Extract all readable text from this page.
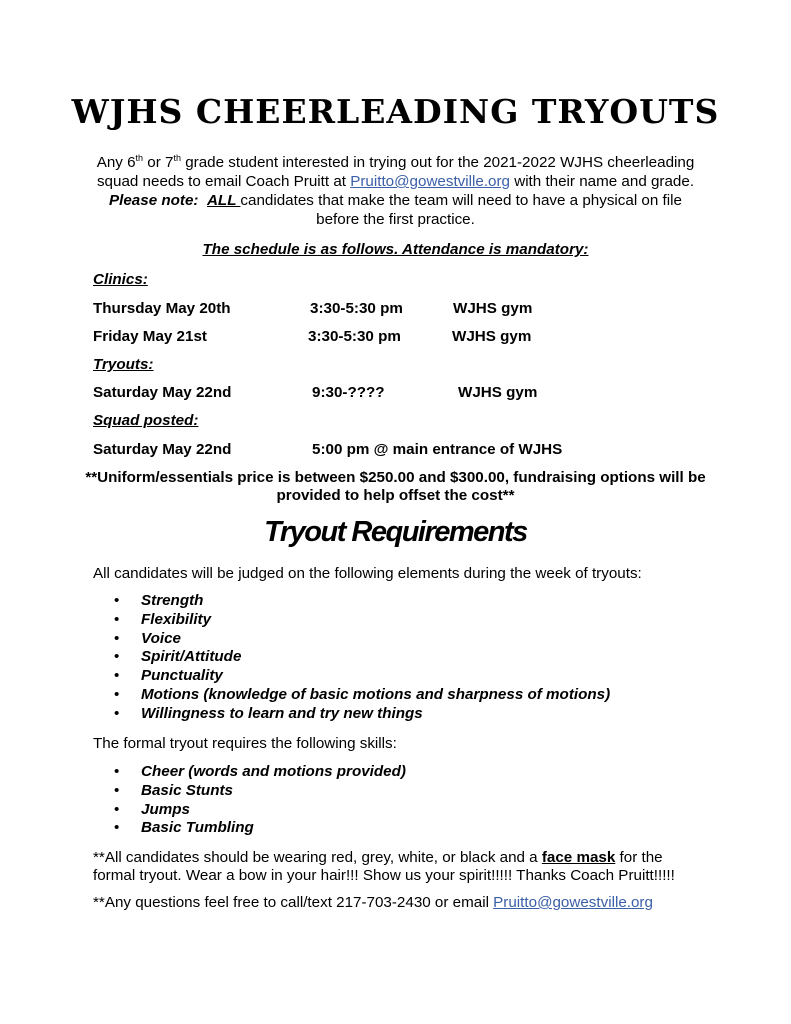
WJHS CHEERLEADING TRYOUTS

Any 6th or 7th grade student interested in trying out for the 2021-2022 WJHS cheerleading squad needs to email Coach Pruitt at Pruitto@gowestville.org with their name and grade. Please note: ALL candidates that make the team will need to have a physical on file before the first practice.

The schedule is as follows. Attendance is mandatory:

Clinics:

Thursday May 20th	3:30-5:30 pm	WJHS gym
Friday May 21st	3:30-5:30 pm	WJHS gym

Tryouts:

Saturday May 22nd	9:30-????	WJHS gym

Squad posted:

Saturday May 22nd	5:00 pm @ main entrance of WJHS

**Uniform/essentials price is between $250.00 and $300.00, fundraising options will be provided to help offset the cost**

Tryout Requirements

All candidates will be judged on the following elements during the week of tryouts:

• Strength
• Flexibility
• Voice
• Spirit/Attitude
• Punctuality
• Motions (knowledge of basic motions and sharpness of motions)
• Willingness to learn and try new things

The formal tryout requires the following skills:

• Cheer (words and motions provided)
• Basic Stunts
• Jumps
• Basic Tumbling

**All candidates should be wearing red, grey, white, or black and a face mask for the formal tryout. Wear a bow in your hair!!! Show us your spirit!!!!! Thanks Coach Pruitt!!!!!

**Any questions feel free to call/text 217-703-2430 or email Pruitto@gowestville.org
